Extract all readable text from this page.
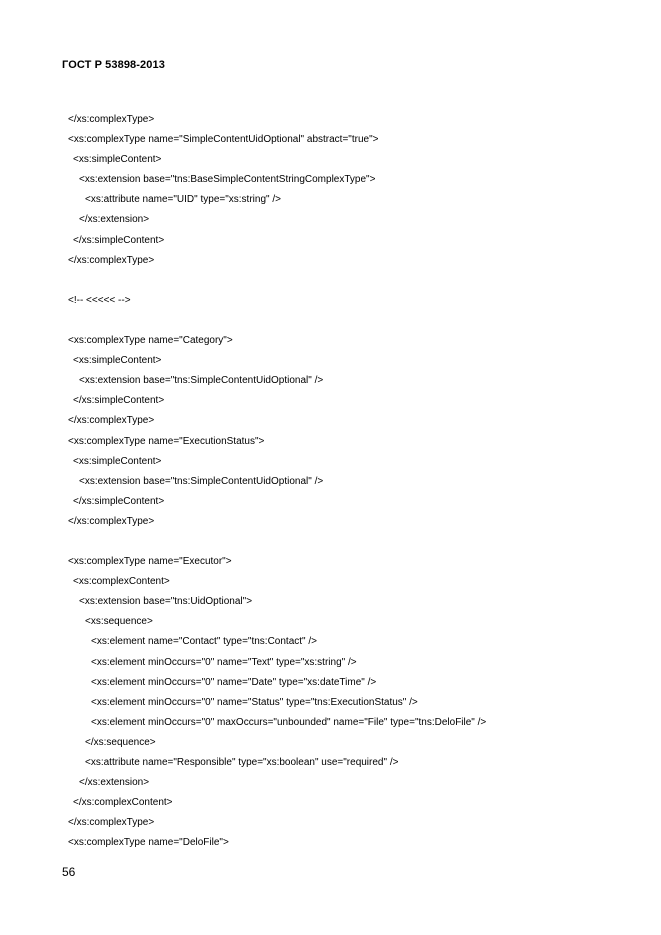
ГОСТ Р 53898-2013
</xs:complexType>
<xs:complexType name="SimpleContentUidOptional" abstract="true">
<xs:simpleContent>
<xs:extension base="tns:BaseSimpleContentStringComplexType">
<xs:attribute name="UID" type="xs:string" />
</xs:extension>
</xs:simpleContent>
</xs:complexType>
<!-- <<<<< -->
<xs:complexType name="Category">
<xs:simpleContent>
<xs:extension base="tns:SimpleContentUidOptional" />
</xs:simpleContent>
</xs:complexType>
<xs:complexType name="ExecutionStatus">
<xs:simpleContent>
<xs:extension base="tns:SimpleContentUidOptional" />
</xs:simpleContent>
</xs:complexType>
<xs:complexType name="Executor">
<xs:complexContent>
<xs:extension base="tns:UidOptional">
<xs:sequence>
<xs:element name="Contact" type="tns:Contact" />
<xs:element minOccurs="0" name="Text" type="xs:string" />
<xs:element minOccurs="0" name="Date" type="xs:dateTime" />
<xs:element minOccurs="0" name="Status" type="tns:ExecutionStatus" />
<xs:element minOccurs="0" maxOccurs="unbounded" name="File" type="tns:DeloFile" />
</xs:sequence>
<xs:attribute name="Responsible" type="xs:boolean" use="required" />
</xs:extension>
</xs:complexContent>
</xs:complexType>
<xs:complexType name="DeloFile">
56
